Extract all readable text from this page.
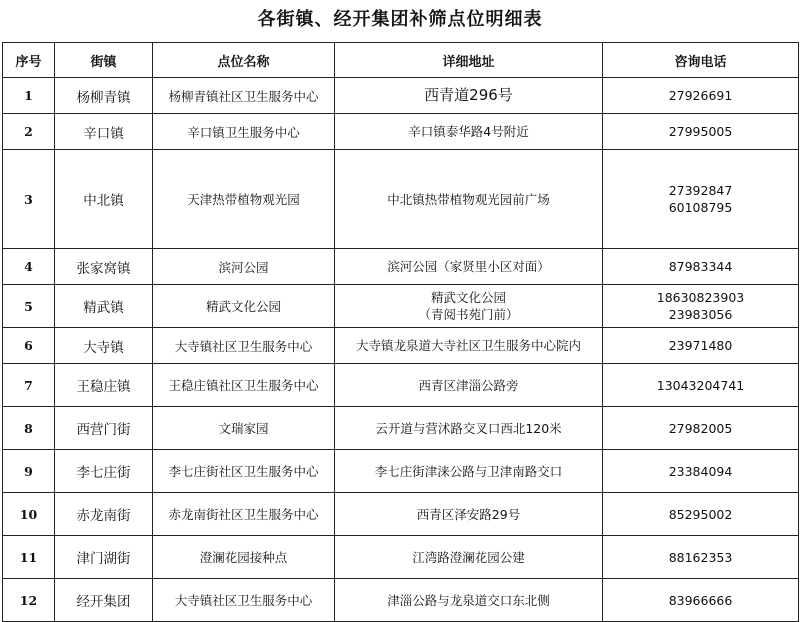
各街镇、经开集团补筛点位明细表
序号	街镇	点位名称	详细地址	咨询电话
1	杨柳青镇	杨柳青镇社区卫生服务中心	西青道296号	27926691

2	辛口镇	辛口镇卫生服务中心	辛口镇泰华路4号附近	27995005

3	中北镇	天津热带植物观光园	中北镇热带植物观光园前广场	27392847
60108795

4	张家窝镇	滨河公园	滨河公园（家贤里小区对面）	87983344

5	精武镇	精武文化公园	精武文化公园
（青阅书苑门前）	18630823903
23983056

6	大寺镇	大寺镇社区卫生服务中心	大寺镇龙泉道大寺社区卫生服务中心院内	23971480

7	王稳庄镇	王稳庄镇社区卫生服务中心	西青区津淄公路旁	13043204741

8	西营门街	文瑞家园	云开道与营沭路交叉口西北120米	27982005

9	李七庄街	李七庄街社区卫生服务中心	李七庄街津涞公路与卫津南路交口	23384094

10	赤龙南街	赤龙南街社区卫生服务中心	西青区泽安路29号	85295002

11	津门湖街	澄澜花园接种点	江湾路澄澜花园公建	88162353

12	经开集团	大寺镇社区卫生服务中心	津淄公路与龙泉道交口东北侧	83966666
